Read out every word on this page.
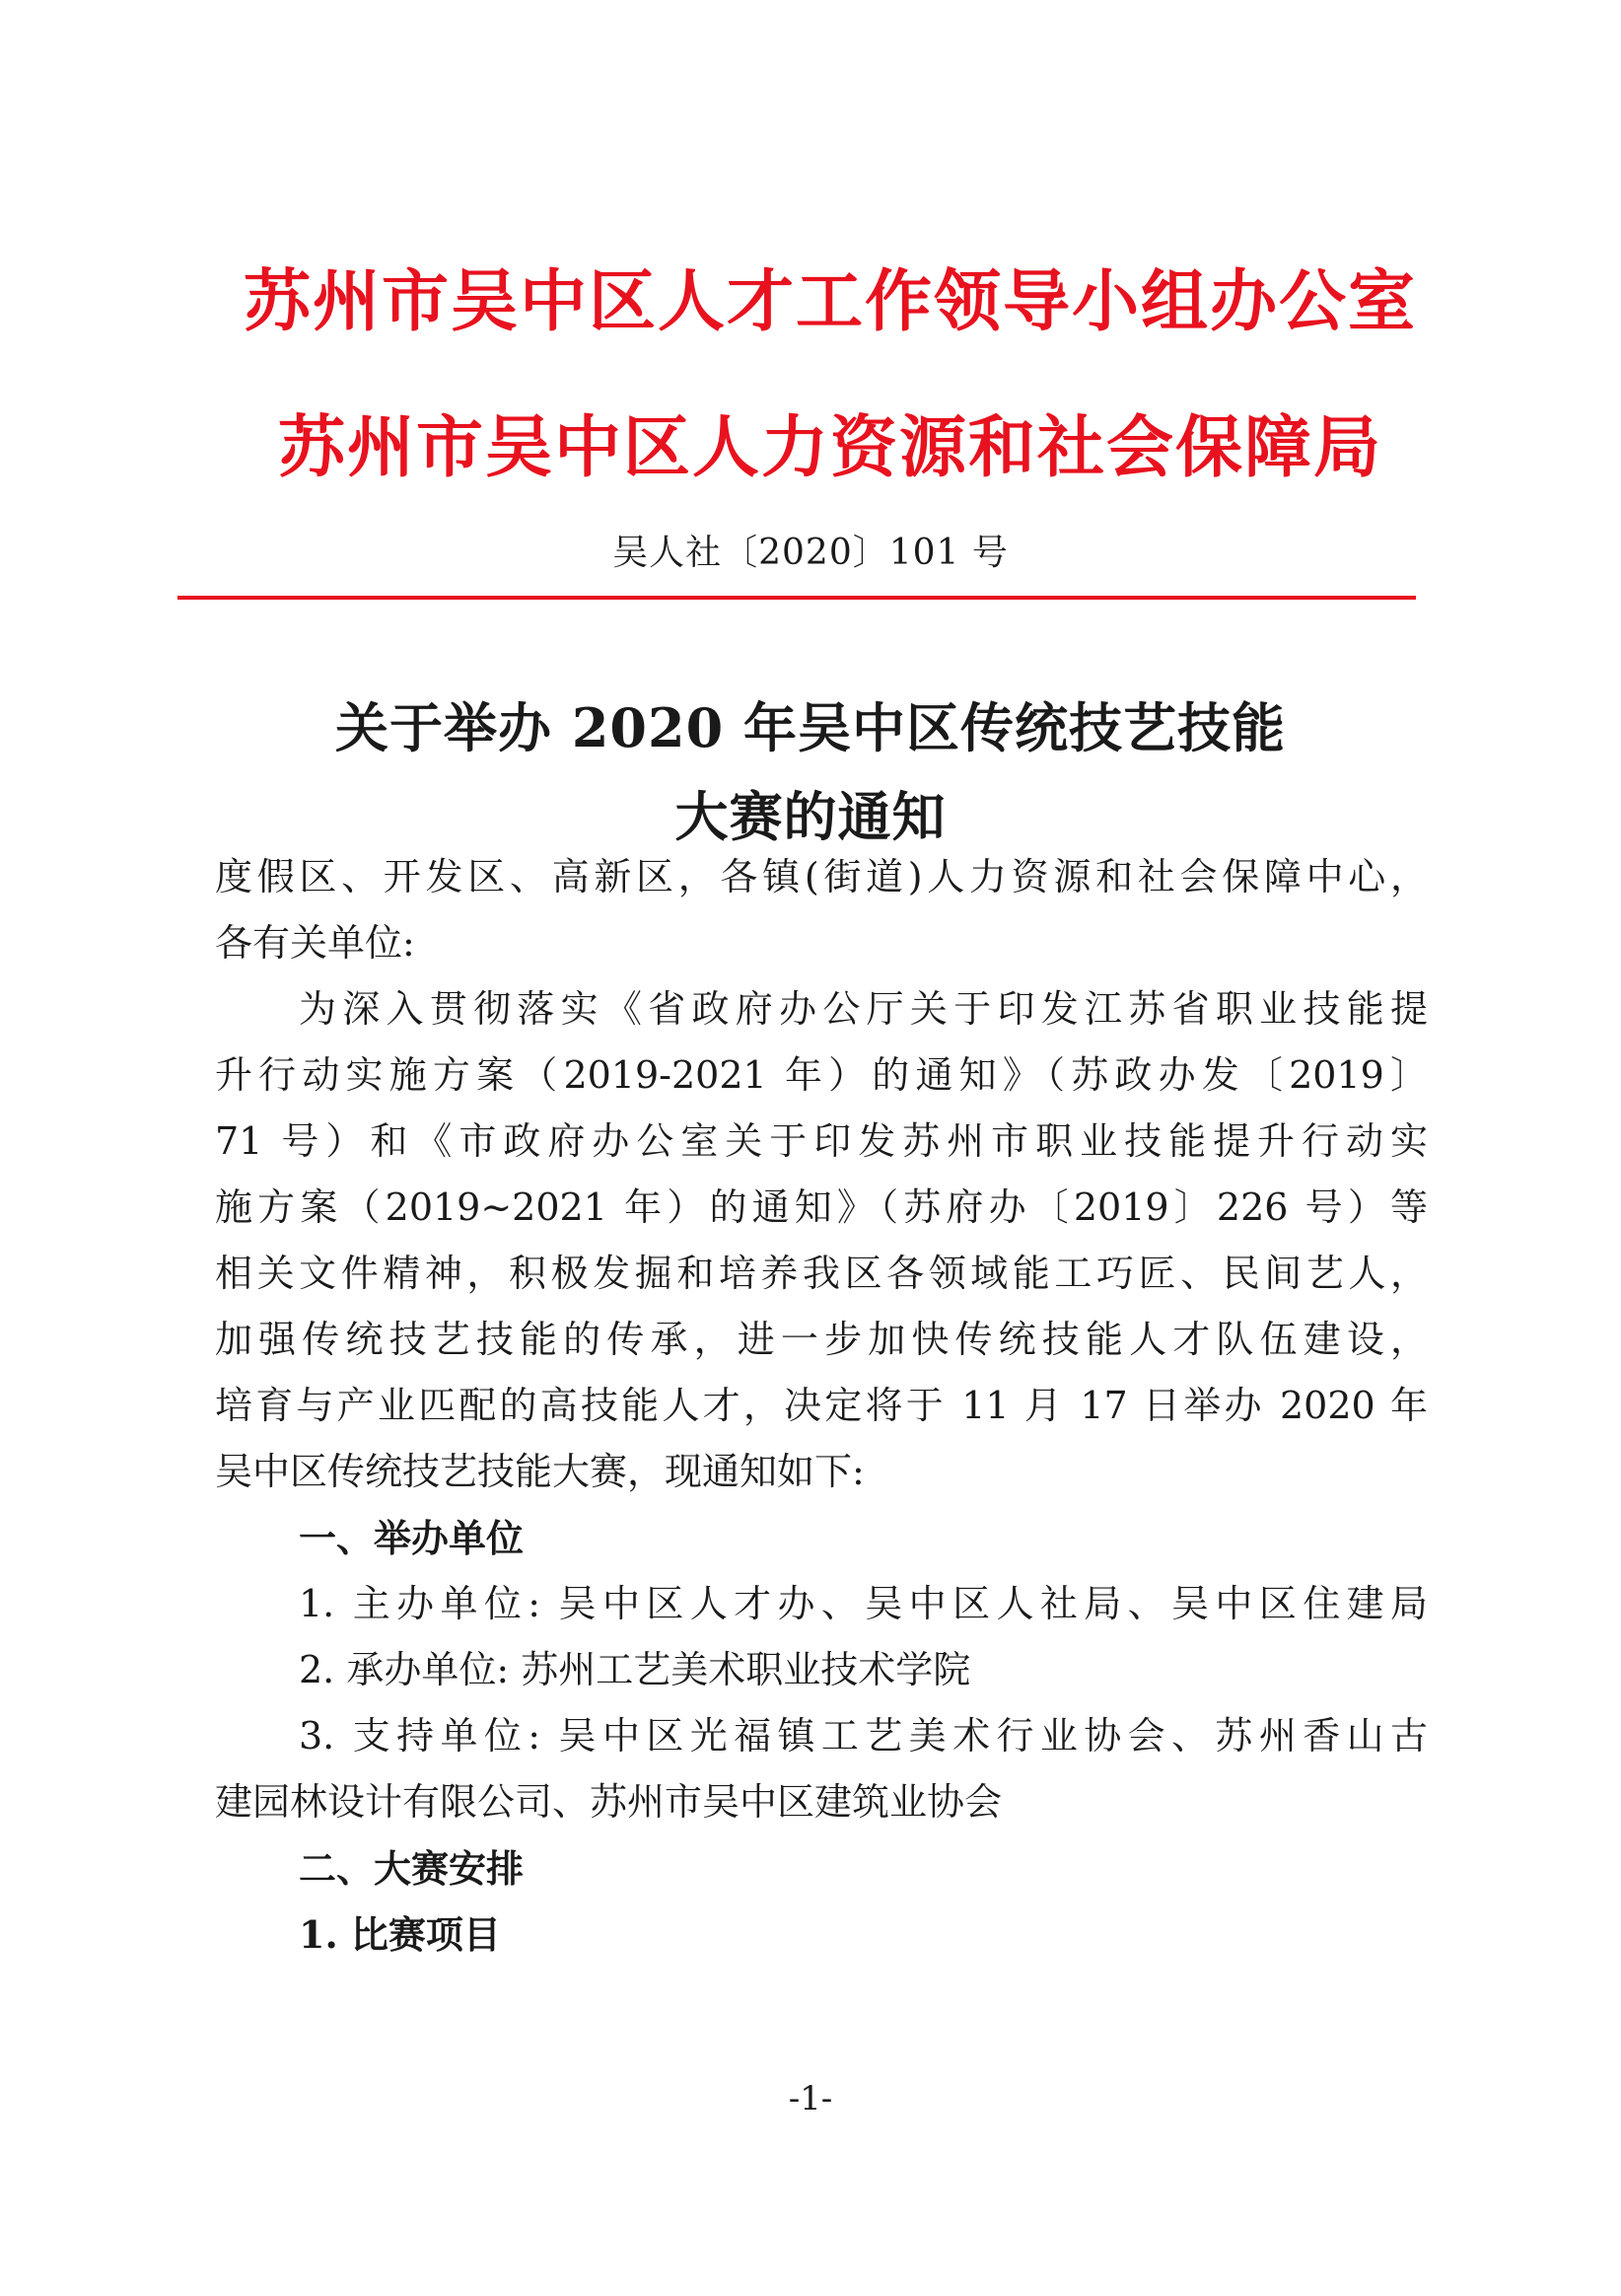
苏州市吴中区人才工作领导小组办公室
苏州市吴中区人力资源和社会保障局
吴人社〔2020〕101 号
关于举办 2020 年吴中区传统技艺技能
大赛的通知
度假区、开发区、高新区，各镇(街道)人力资源和社会保障中心，
各有关单位:
为深入贯彻落实《省政府办公厅关于印发江苏省职业技能提
升行动实施方案（2019-2021 年）的通知》（苏政办发〔2019〕
71 号）和《市政府办公室关于印发苏州市职业技能提升行动实
施方案（2019~2021 年）的通知》（苏府办〔2019〕226 号）等
相关文件精神，积极发掘和培养我区各领域能工巧匠、民间艺人，
加强传统技艺技能的传承，进一步加快传统技能人才队伍建设，
培育与产业匹配的高技能人才，决定将于 11 月 17 日举办 2020 年
吴中区传统技艺技能大赛，现通知如下:
一、举办单位
1. 主办单位: 吴中区人才办、吴中区人社局、吴中区住建局
2. 承办单位: 苏州工艺美术职业技术学院
3. 支持单位: 吴中区光福镇工艺美术行业协会、苏州香山古
建园林设计有限公司、苏州市吴中区建筑业协会
二、大赛安排
1. 比赛项目
-1-
